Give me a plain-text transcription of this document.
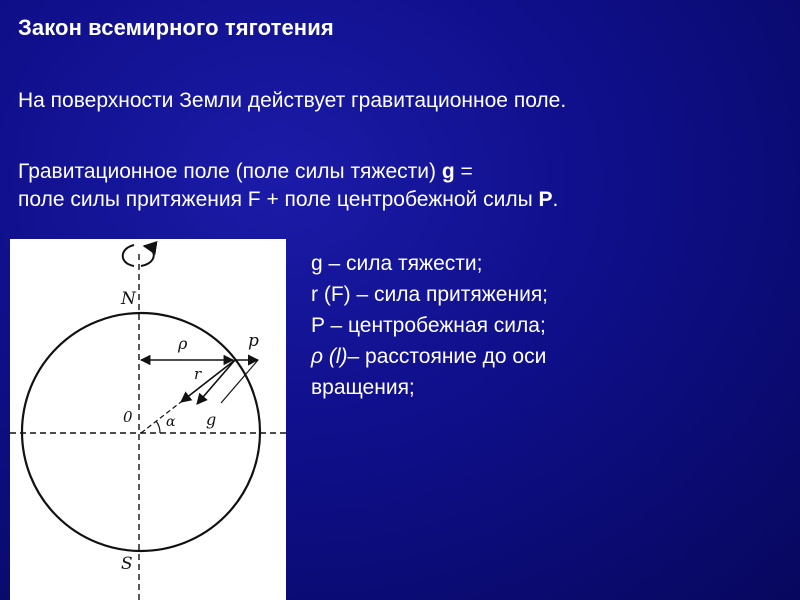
Закон всемирного тяготения
На поверхности Земли действует гравитационное поле.
Гравитационное поле (поле силы тяжести) g =
поле силы притяжения F + поле центробежной силы P.
N
S
0
ρ	p
r
g
α
g – сила тяжести;
r (F) – сила притяжения;
P – центробежная сила;
ρ (l)– расстояние до оси
вращения;
